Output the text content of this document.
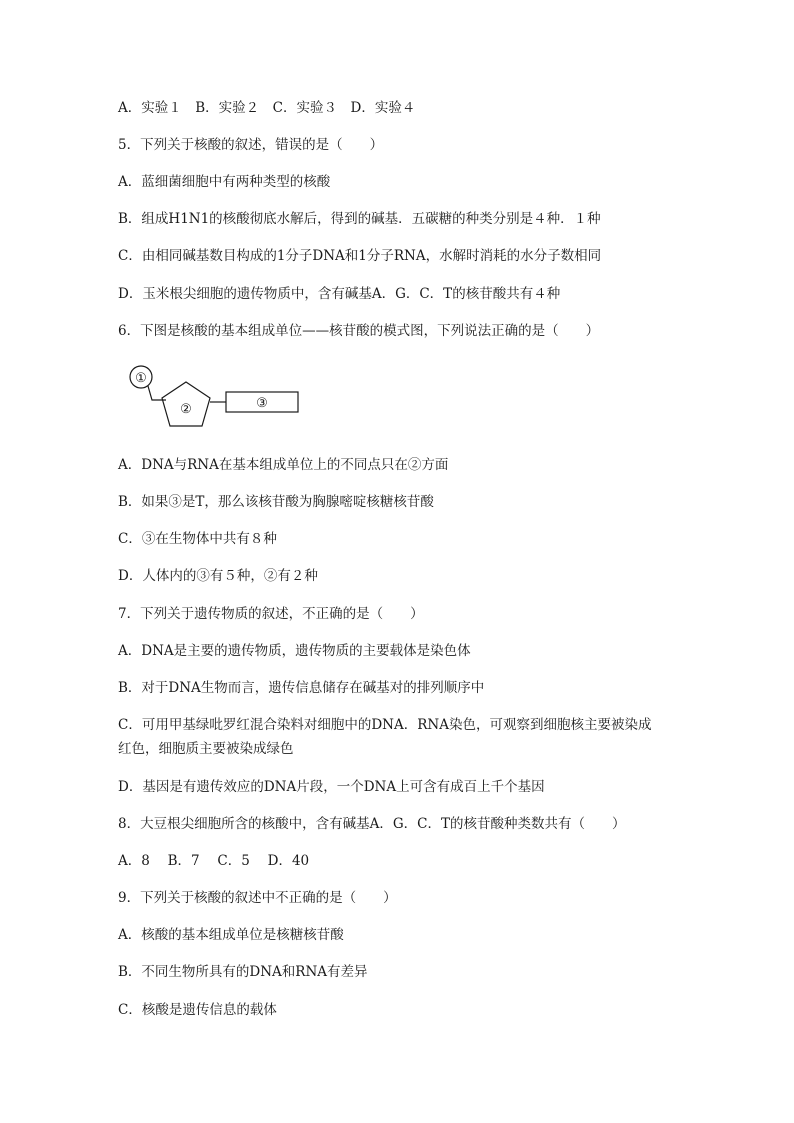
A．实验１　B．实验２　C．实验３　D．实验４
5．下列关于核酸的叙述，错误的是（　　）
A．蓝细菌细胞中有两种类型的核酸
B．组成H1N1的核酸彻底水解后，得到的碱基．五碳糖的种类分别是４种．１种
C．由相同碱基数目构成的1分子DNA和1分子RNA，水解时消耗的水分子数相同
D．玉米根尖细胞的遗传物质中，含有碱基A．G．C．T的核苷酸共有４种
6．下图是核酸的基本组成单位——核苷酸的模式图，下列说法正确的是（　　）
①
②	③
A．DNA与RNA在基本组成单位上的不同点只在②方面
B．如果③是T，那么该核苷酸为胸腺嘧啶核糖核苷酸
C．③在生物体中共有８种
D．人体内的③有５种，②有２种
7．下列关于遗传物质的叙述，不正确的是（　　）
A．DNA是主要的遗传物质，遗传物质的主要载体是染色体
B．对于DNA生物而言，遗传信息储存在碱基对的排列顺序中
C．可用甲基绿吡罗红混合染料对细胞中的DNA．RNA染色，可观察到细胞核主要被染成
红色，细胞质主要被染成绿色
D．基因是有遗传效应的DNA片段，一个DNA上可含有成百上千个基因
8．大豆根尖细胞所含的核酸中，含有碱基A．G．C．T的核苷酸种类数共有（　　）
A．8　 B．7　 C．5　 D．40
9．下列关于核酸的叙述中不正确的是（　　）
A．核酸的基本组成单位是核糖核苷酸
B．不同生物所具有的DNA和RNA有差异
C．核酸是遗传信息的载体
